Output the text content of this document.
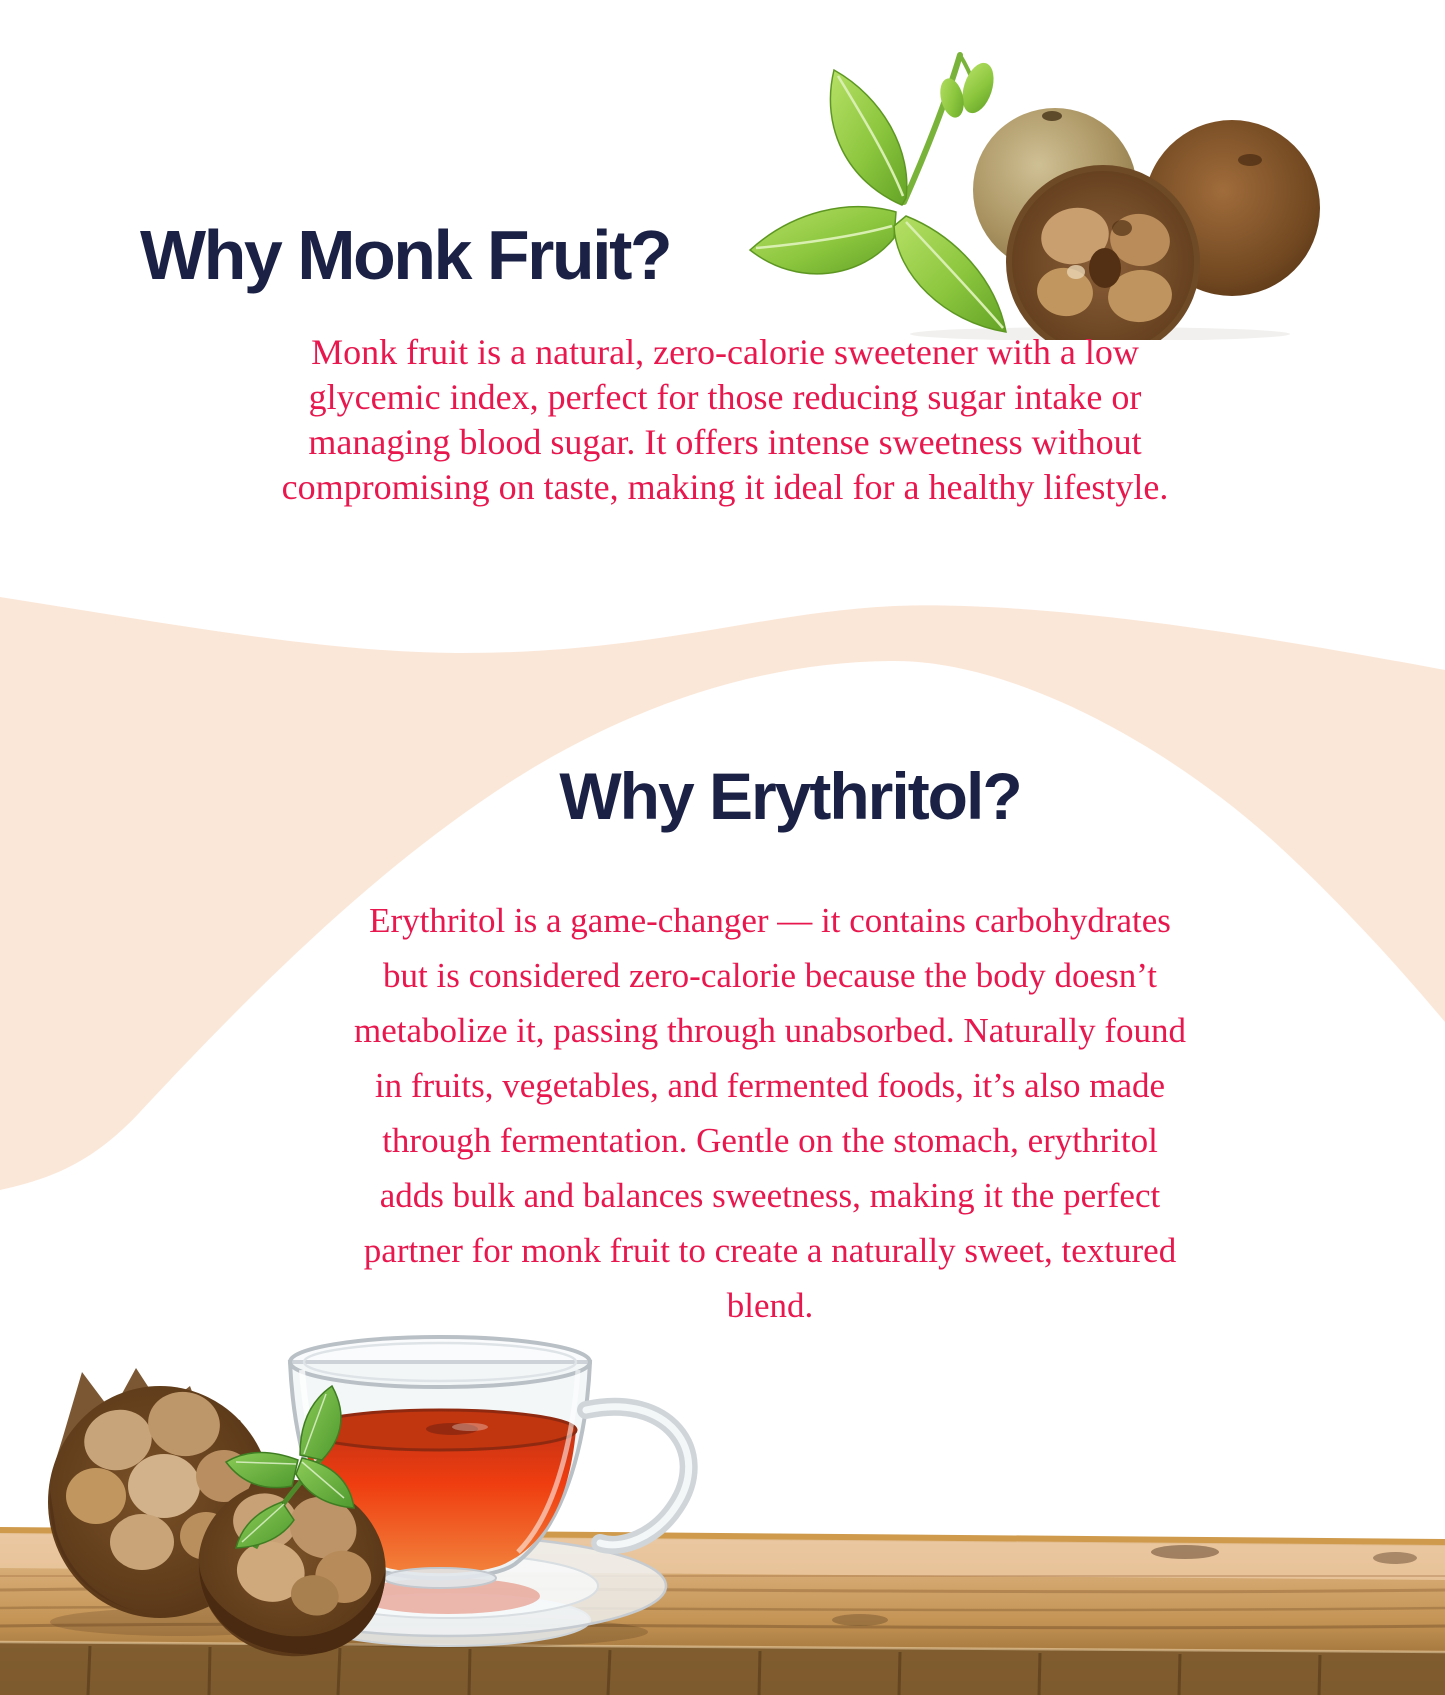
Why Monk Fruit?
Monk fruit is a natural, zero-calorie sweetener with a low
glycemic index, perfect for those reducing sugar intake or
managing blood sugar. It offers intense sweetness without
compromising on taste, making it ideal for a healthy lifestyle.
Why Erythritol?
Erythritol is a game-changer — it contains carbohydrates
but is considered zero-calorie because the body doesn’t
metabolize it, passing through unabsorbed. Naturally found
in fruits, vegetables, and fermented foods, it’s also made
through fermentation. Gentle on the stomach, erythritol
adds bulk and balances sweetness, making it the perfect
partner for monk fruit to create a naturally sweet, textured
blend.
